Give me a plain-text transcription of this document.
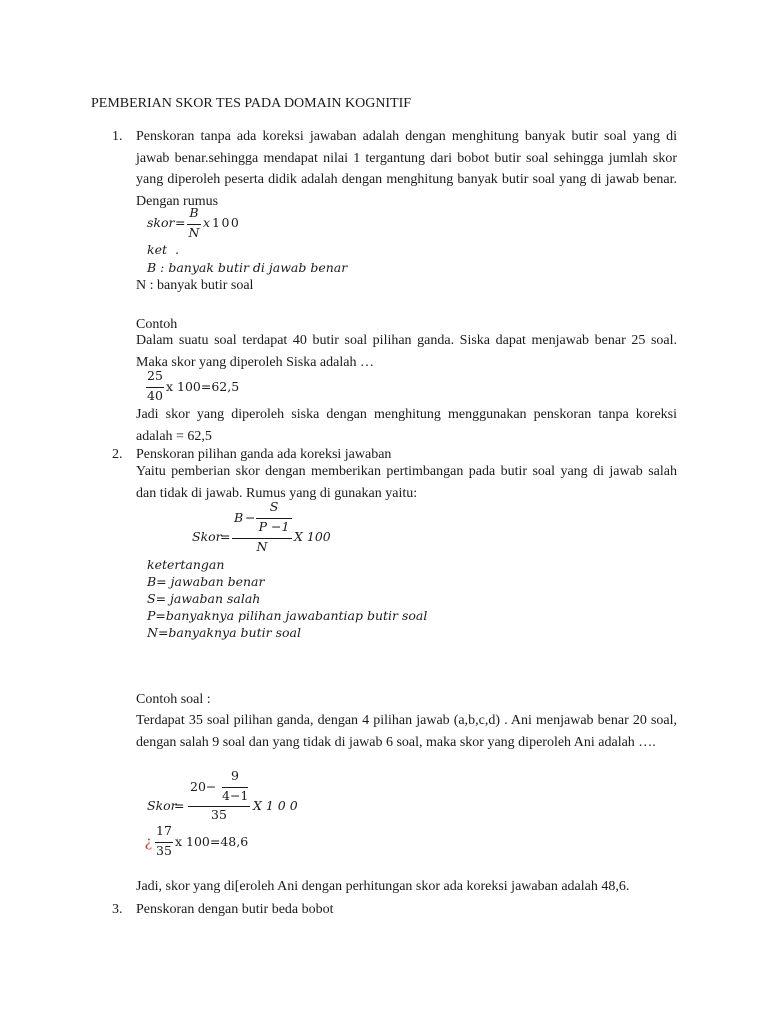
PEMBERIAN SKOR TES PADA DOMAIN KOGNITIF
1. Penskoran tanpa ada koreksi jawaban adalah dengan menghitung banyak butir soal yang di jawab benar.sehingga mendapat nilai 1 tergantung dari bobot butir soal sehingga jumlah skor yang diperoleh peserta didik adalah dengan menghitung banyak butir soal yang di jawab benar. Dengan rumus
skor =
B
N
x 100
ket .
B : banyak butir di jawab benar
N : banyak butir soal
Contoh
Dalam suatu soal terdapat 40 butir soal pilihan ganda. Siska dapat menjawab benar 25 soal. Maka skor yang diperoleh Siska adalah …
25
40
x 100=62,5
Jadi skor yang diperoleh siska dengan menghitung menggunakan penskoran tanpa koreksi adalah = 62,5
2. Penskoran pilihan ganda ada koreksi jawaban
Yaitu pemberian skor dengan memberikan pertimbangan pada butir soal yang di jawab salah dan tidak di jawab. Rumus yang di gunakan yaitu:
Skor
=
B −
S
P −1
N
X 100
ketertangan
B= jawaban benar
S= jawaban salah
P=banyaknya pilihan jawabantiap butir soal
N=banyaknya butir soal
Contoh soal :
Terdapat 35 soal pilihan ganda, dengan 4 pilihan jawab (a,b,c,d) . Ani menjawab benar 20 soal, dengan salah 9 soal dan yang tidak di jawab 6 soal, maka skor yang diperoleh Ani adalah ….
Skor
=
20−
9
4−1
35
X 1 0 0
¿
17
35
x 100=48,6
Jadi, skor yang di[eroleh Ani dengan perhitungan skor ada koreksi jawaban adalah 48,6.
3. Penskoran dengan butir beda bobot
